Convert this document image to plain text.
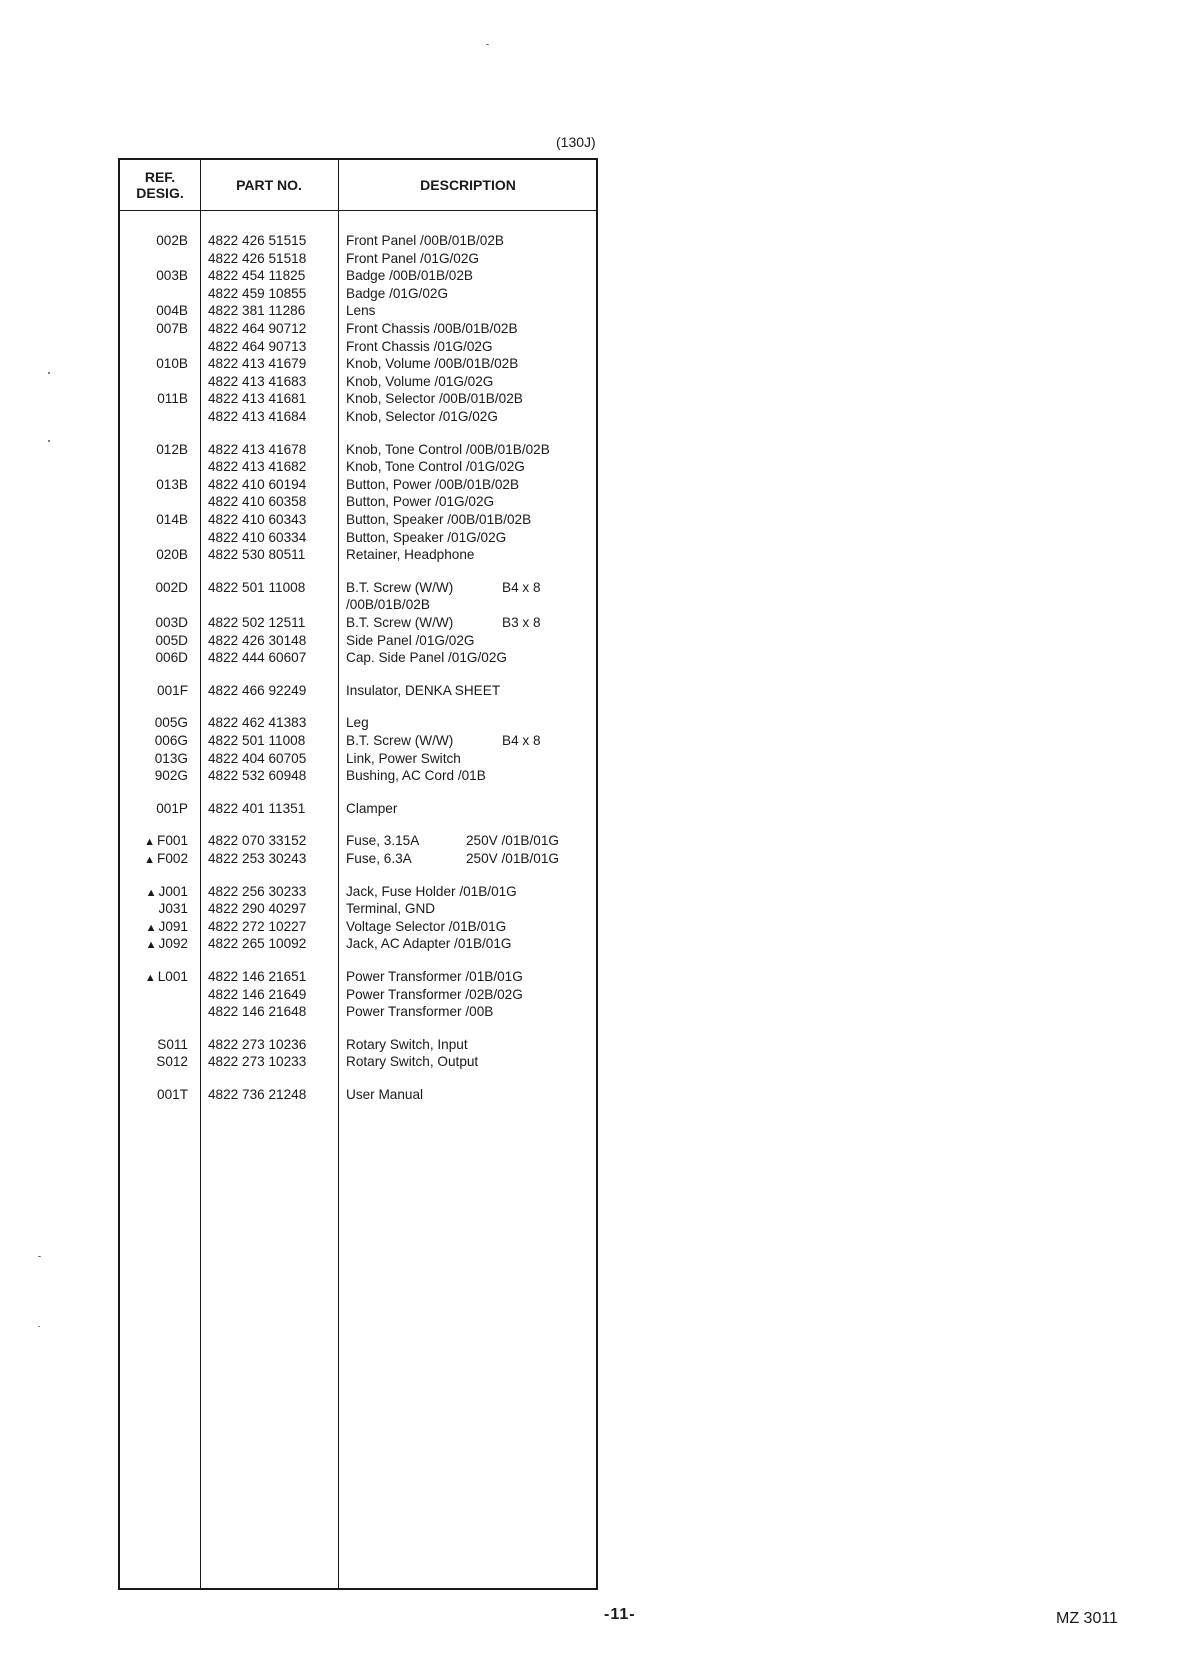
(130J)
REF.
DESIG.	PART NO.	DESCRIPTION
002B 4822 426 51515	Front Panel /00B/01B/02B
4822 426 51518	Front Panel /01G/02G
003B 4822 454 11825	Badge /00B/01B/02B
4822 459 10855	Badge /01G/02G
004B 4822 381 11286	Lens
007B 4822 464 90712	Front Chassis /00B/01B/02B
4822 464 90713	Front Chassis /01G/02G
010B 4822 413 41679	Knob, Volume /00B/01B/02B
4822 413 41683	Knob, Volume /01G/02G
011B 4822 413 41681	Knob, Selector /00B/01B/02B
4822 413 41684	Knob, Selector /01G/02G
012B 4822 413 41678	Knob, Tone Control /00B/01B/02B
4822 413 41682	Knob, Tone Control /01G/02G
013B 4822 410 60194	Button, Power /00B/01B/02B
4822 410 60358	Button, Power /01G/02G
014B 4822 410 60343	Button, Speaker /00B/01B/02B
4822 410 60334	Button, Speaker /01G/02G
020B 4822 530 80511	Retainer, Headphone
002D 4822 501 11008	B.T. Screw (W/W)	B4 x 8
/00B/01B/02B
003D 4822 502 12511	B.T. Screw (W/W)	B3 x 8
005D 4822 426 30148	Side Panel /01G/02G
006D 4822 444 60607	Cap. Side Panel /01G/02G
001F 4822 466 92249	Insulator, DENKA SHEET
005G 4822 462 41383	Leg
006G 4822 501 11008	B.T. Screw (W/W)	B4 x 8
013G 4822 404 60705	Link, Power Switch
902G 4822 532 60948	Bushing, AC Cord /01B
001P 4822 401 11351	Clamper
▲ F001 4822 070 33152	Fuse, 3.15A	250V /01B/01G
▲ F002 4822 253 30243	Fuse, 6.3A	250V /01B/01G
▲ J001 4822 256 30233	Jack, Fuse Holder /01B/01G
J031 4822 290 40297	Terminal, GND
▲ J091 4822 272 10227	Voltage Selector /01B/01G
▲ J092 4822 265 10092	Jack, AC Adapter /01B/01G
▲ L001 4822 146 21651	Power Transformer /01B/01G
4822 146 21649	Power Transformer /02B/02G
4822 146 21648	Power Transformer /00B
S011 4822 273 10236	Rotary Switch, Input
S012 4822 273 10233	Rotary Switch, Output
001T 4822 736 21248	User Manual
-11-	MZ 3011
